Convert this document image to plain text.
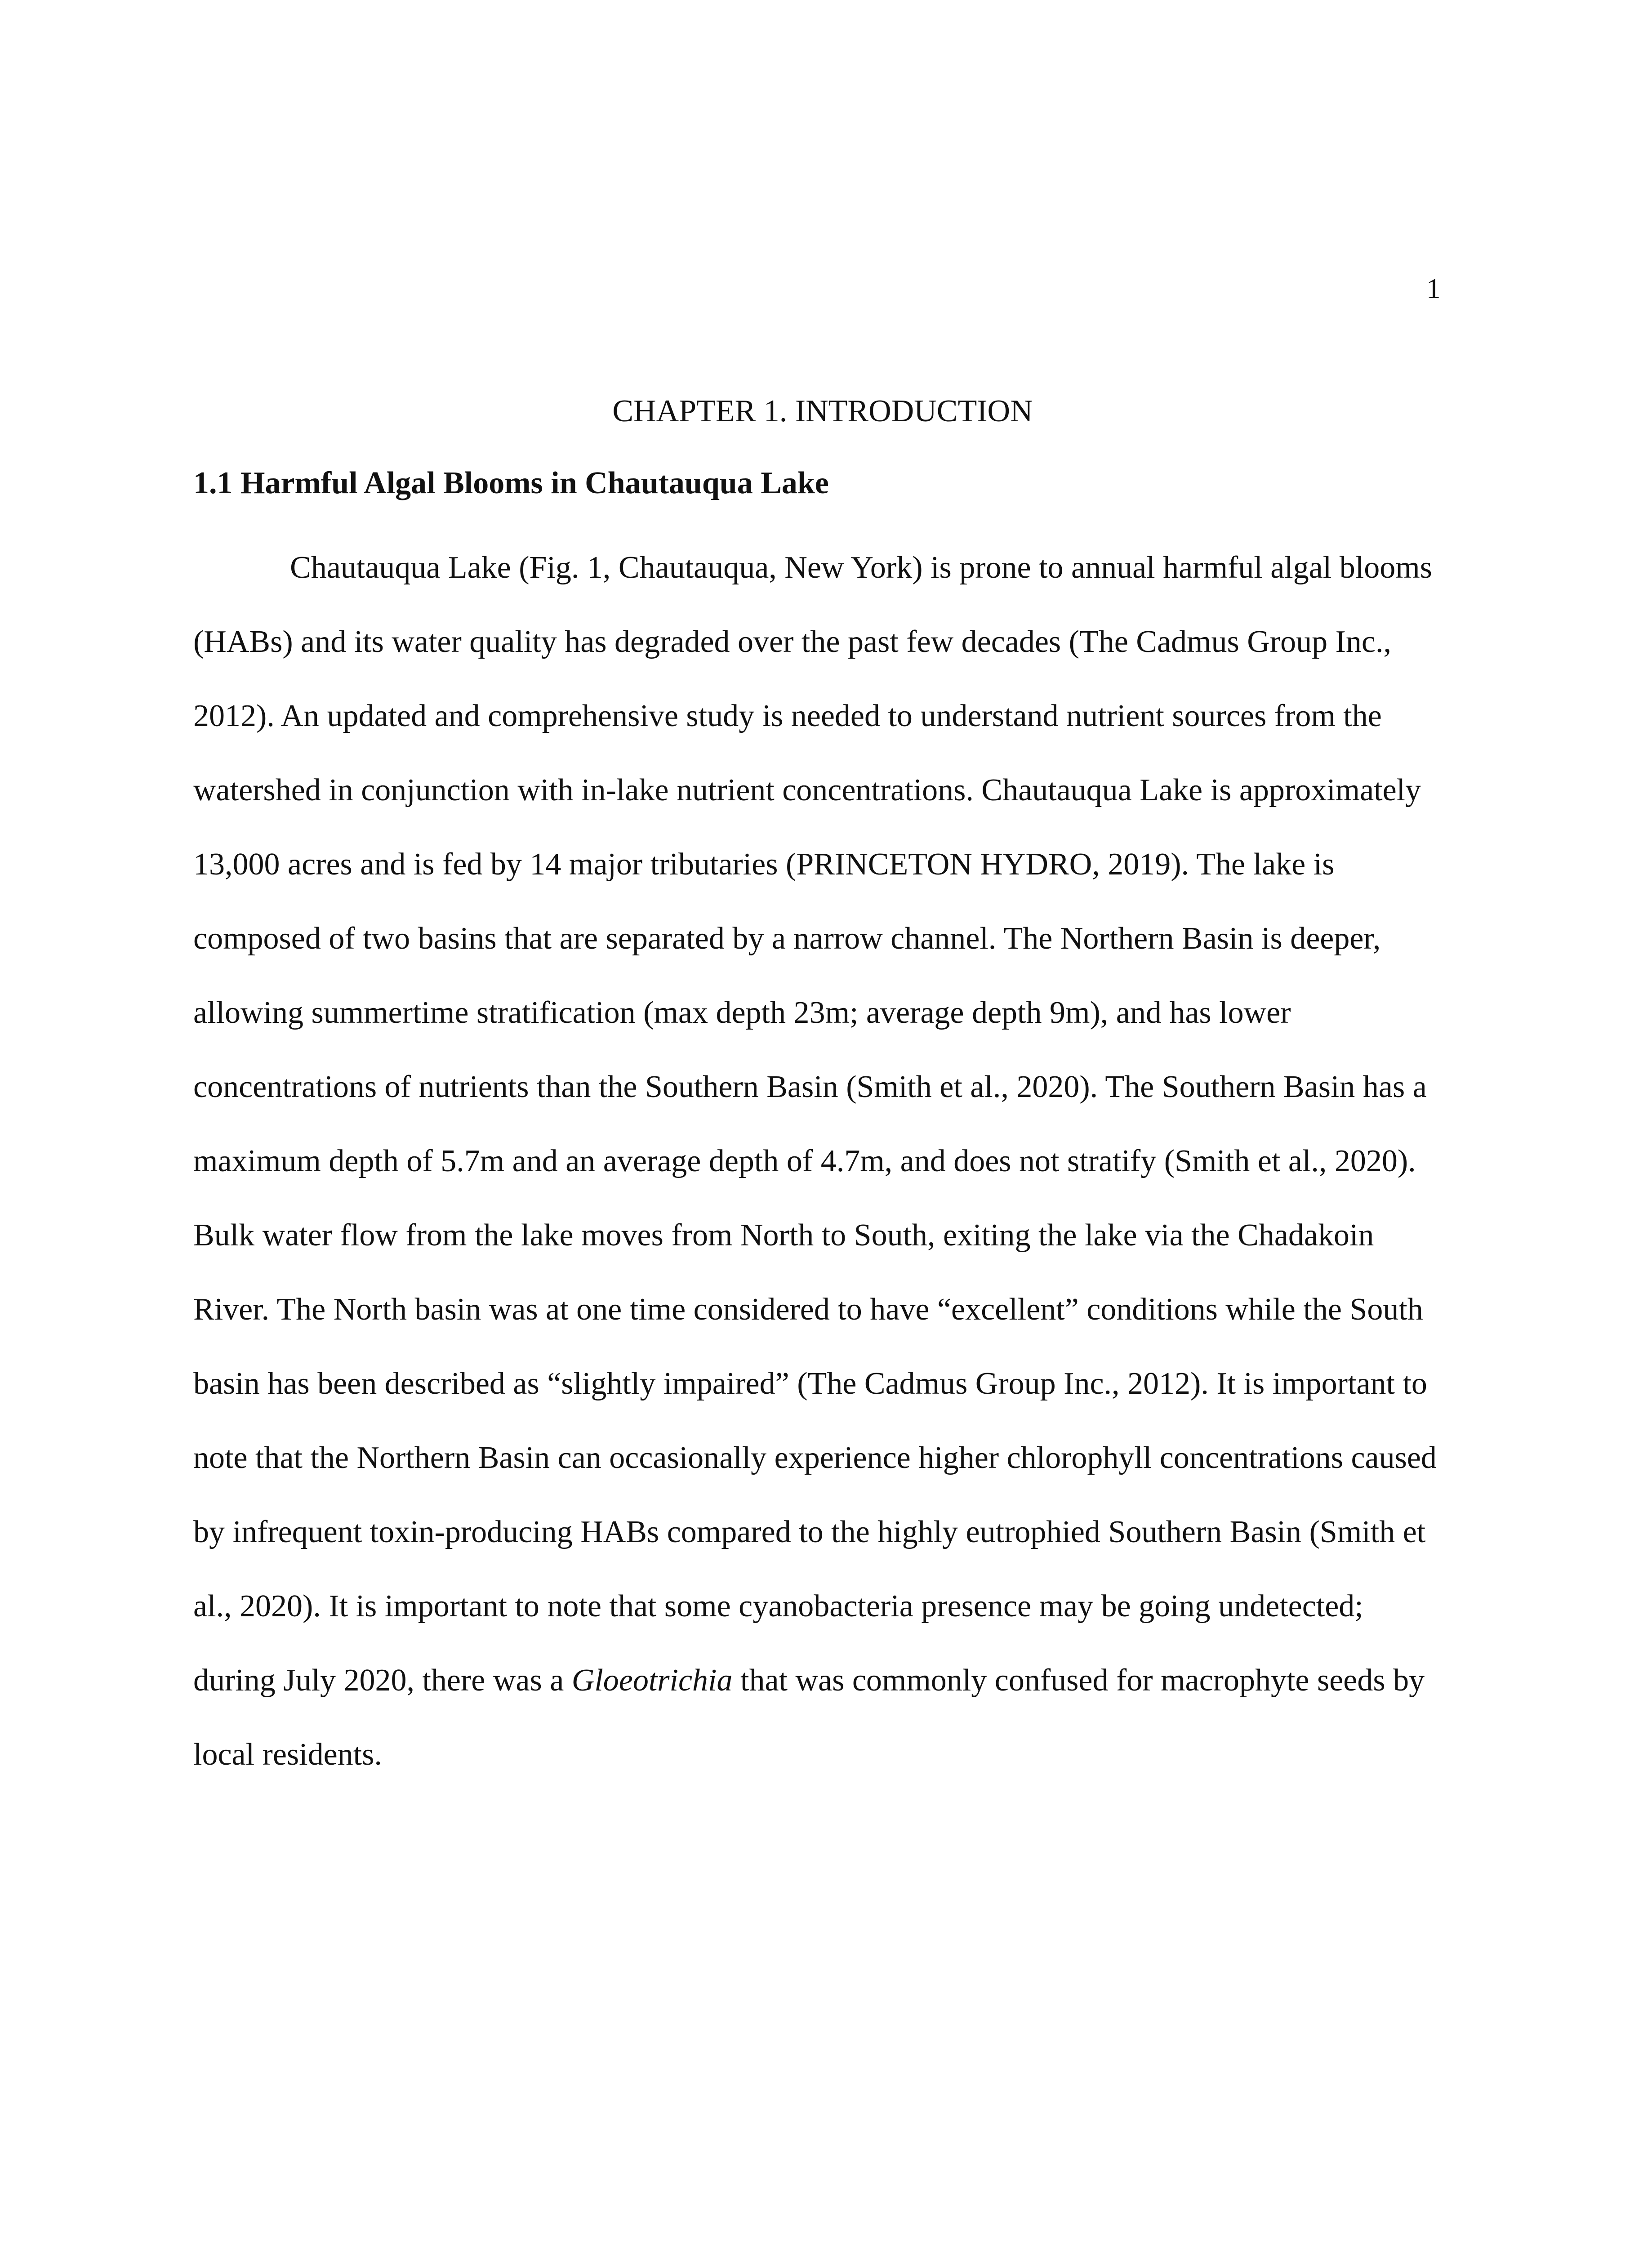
1
CHAPTER 1. INTRODUCTION
1.1 Harmful Algal Blooms in Chautauqua Lake

Chautauqua Lake (Fig. 1, Chautauqua, New York) is prone to annual harmful algal blooms (HABs) and its water quality has degraded over the past few decades (The Cadmus Group Inc., 2012). An updated and comprehensive study is needed to understand nutrient sources from the watershed in conjunction with in-lake nutrient concentrations. Chautauqua Lake is approximately 13,000 acres and is fed by 14 major tributaries (PRINCETON HYDRO, 2019). The lake is composed of two basins that are separated by a narrow channel. The Northern Basin is deeper, allowing summertime stratification (max depth 23m; average depth 9m), and has lower concentrations of nutrients than the Southern Basin (Smith et al., 2020). The Southern Basin has a maximum depth of 5.7m and an average depth of 4.7m, and does not stratify (Smith et al., 2020). Bulk water flow from the lake moves from North to South, exiting the lake via the Chadakoin River. The North basin was at one time considered to have “excellent” conditions while the South basin has been described as “slightly impaired” (The Cadmus Group Inc., 2012). It is important to note that the Northern Basin can occasionally experience higher chlorophyll concentrations caused by infrequent toxin-producing HABs compared to the highly eutrophied Southern Basin (Smith et al., 2020). It is important to note that some cyanobacteria presence may be going undetected; during July 2020, there was a Gloeotrichia that was commonly confused for macrophyte seeds by local residents.
